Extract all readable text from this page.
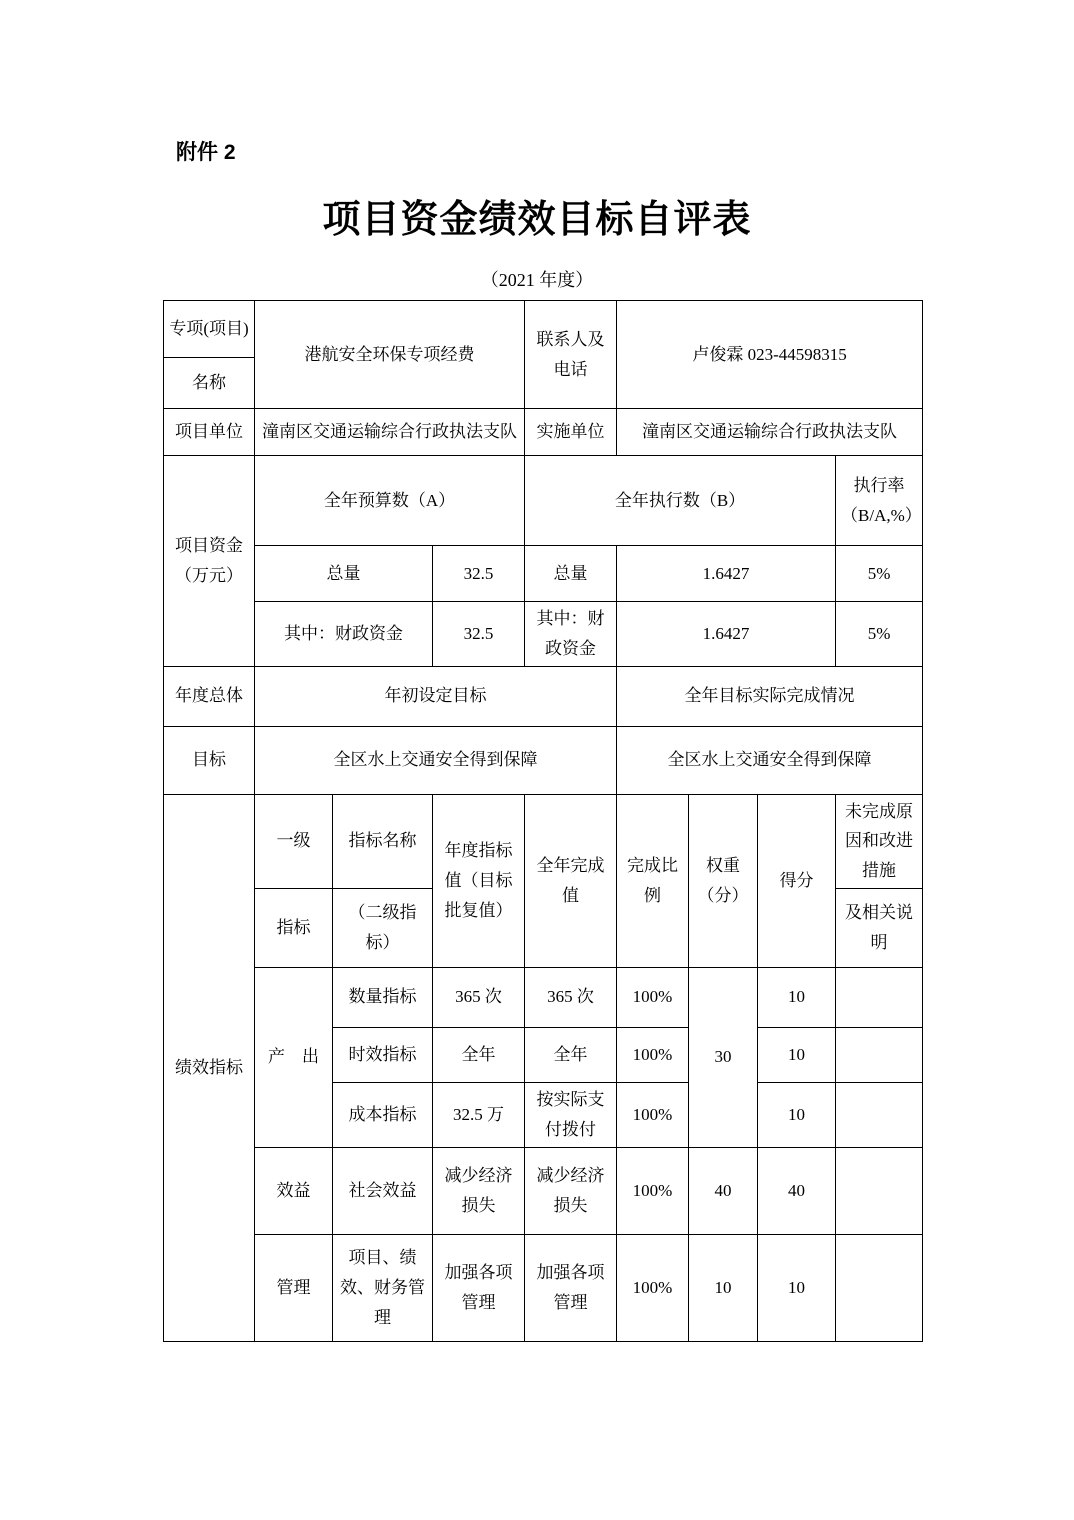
附件 2
项目资金绩效目标自评表
（2021 年度）
专项(项目)	港航安全环保专项经费			联系人及电话	卢俊霖 023-44598315			
名称								
项目单位	潼南区交通运输综合行政执法支队			实施单位	潼南区交通运输综合行政执法支队			
项目资金（万元）	全年预算数（A）			全年执行数（B）				执行率（B/A,%）
	总量		32.5	总量	1.6427			5%
	其中：财政资金		32.5	其中：财政资金	1.6427			5%
年度总体	年初设定目标				全年目标实际完成情况			
目标	全区水上交通安全得到保障				全区水上交通安全得到保障			
绩效指标	一级	指标名称	年度指标值（目标批复值）	全年完成值	完成比例	权重（分）	得分	未完成原因和改进措施
	指标	（二级指标）						及相关说明
	产　出	数量指标	365 次	365 次	100%	30	10	
		时效指标	全年	全年	100%		10	
		成本指标	32.5 万	按实际支付拨付	100%		10	
	效益	社会效益	减少经济损失	减少经济损失	100%	40	40	
	管理	项目、绩效、财务管理	加强各项管理	加强各项管理	100%	10	10	
